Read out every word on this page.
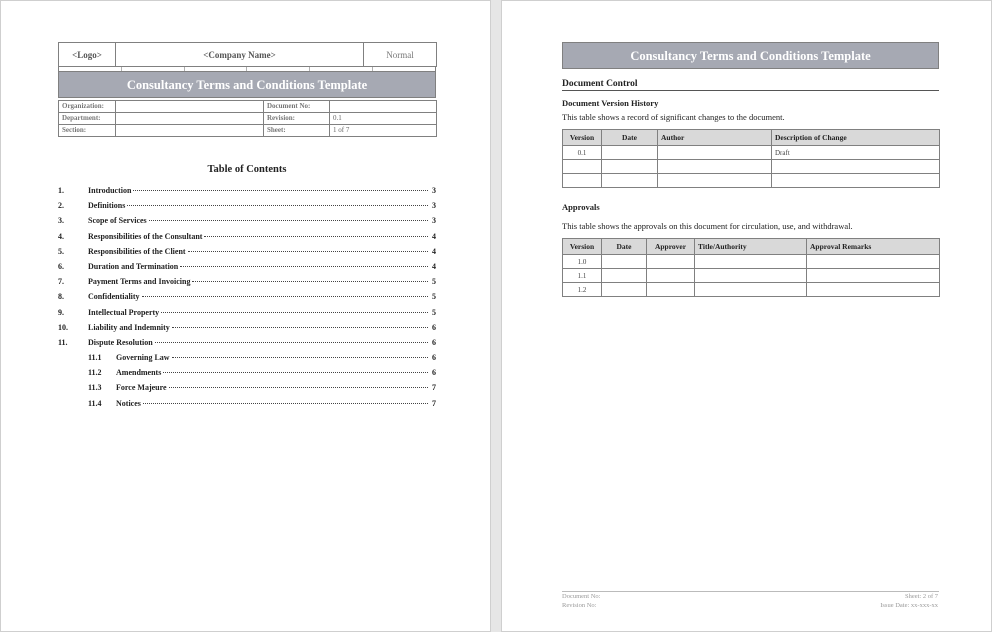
<Logo>	<Company Name>	Normal
Consultancy Terms and Conditions Template
Organization:		Document No:	
Department:		Revision:	0.1
Section:		Sheet:	1 of 7
Table of Contents
1.	Introduction	3
2.	Definitions	3
3.	Scope of Services	3
4.	Responsibilities of the Consultant	4
5.	Responsibilities of the Client	4
6.	Duration and Termination	4
7.	Payment Terms and Invoicing	5
8.	Confidentiality	5
9.	Intellectual Property	5
10.	Liability and Indemnity	6
11.	Dispute Resolution	6
11.1	Governing Law	6
11.2	Amendments	6
11.3	Force Majeure	7
11.4	Notices	7
Consultancy Terms and Conditions Template
Document Control
Document Version History
This table shows a record of significant changes to the document.
Version	Date	Author	Description of Change
0.1			Draft

Approvals
This table shows the approvals on this document for circulation, use, and withdrawal.
Version	Date	Approver	Title/Authority	Approval Remarks
1.0				
1.1				
1.2				
Document No:
Revision No:
Sheet: 2 of 7
Issue Date: xx-xxx-xx
